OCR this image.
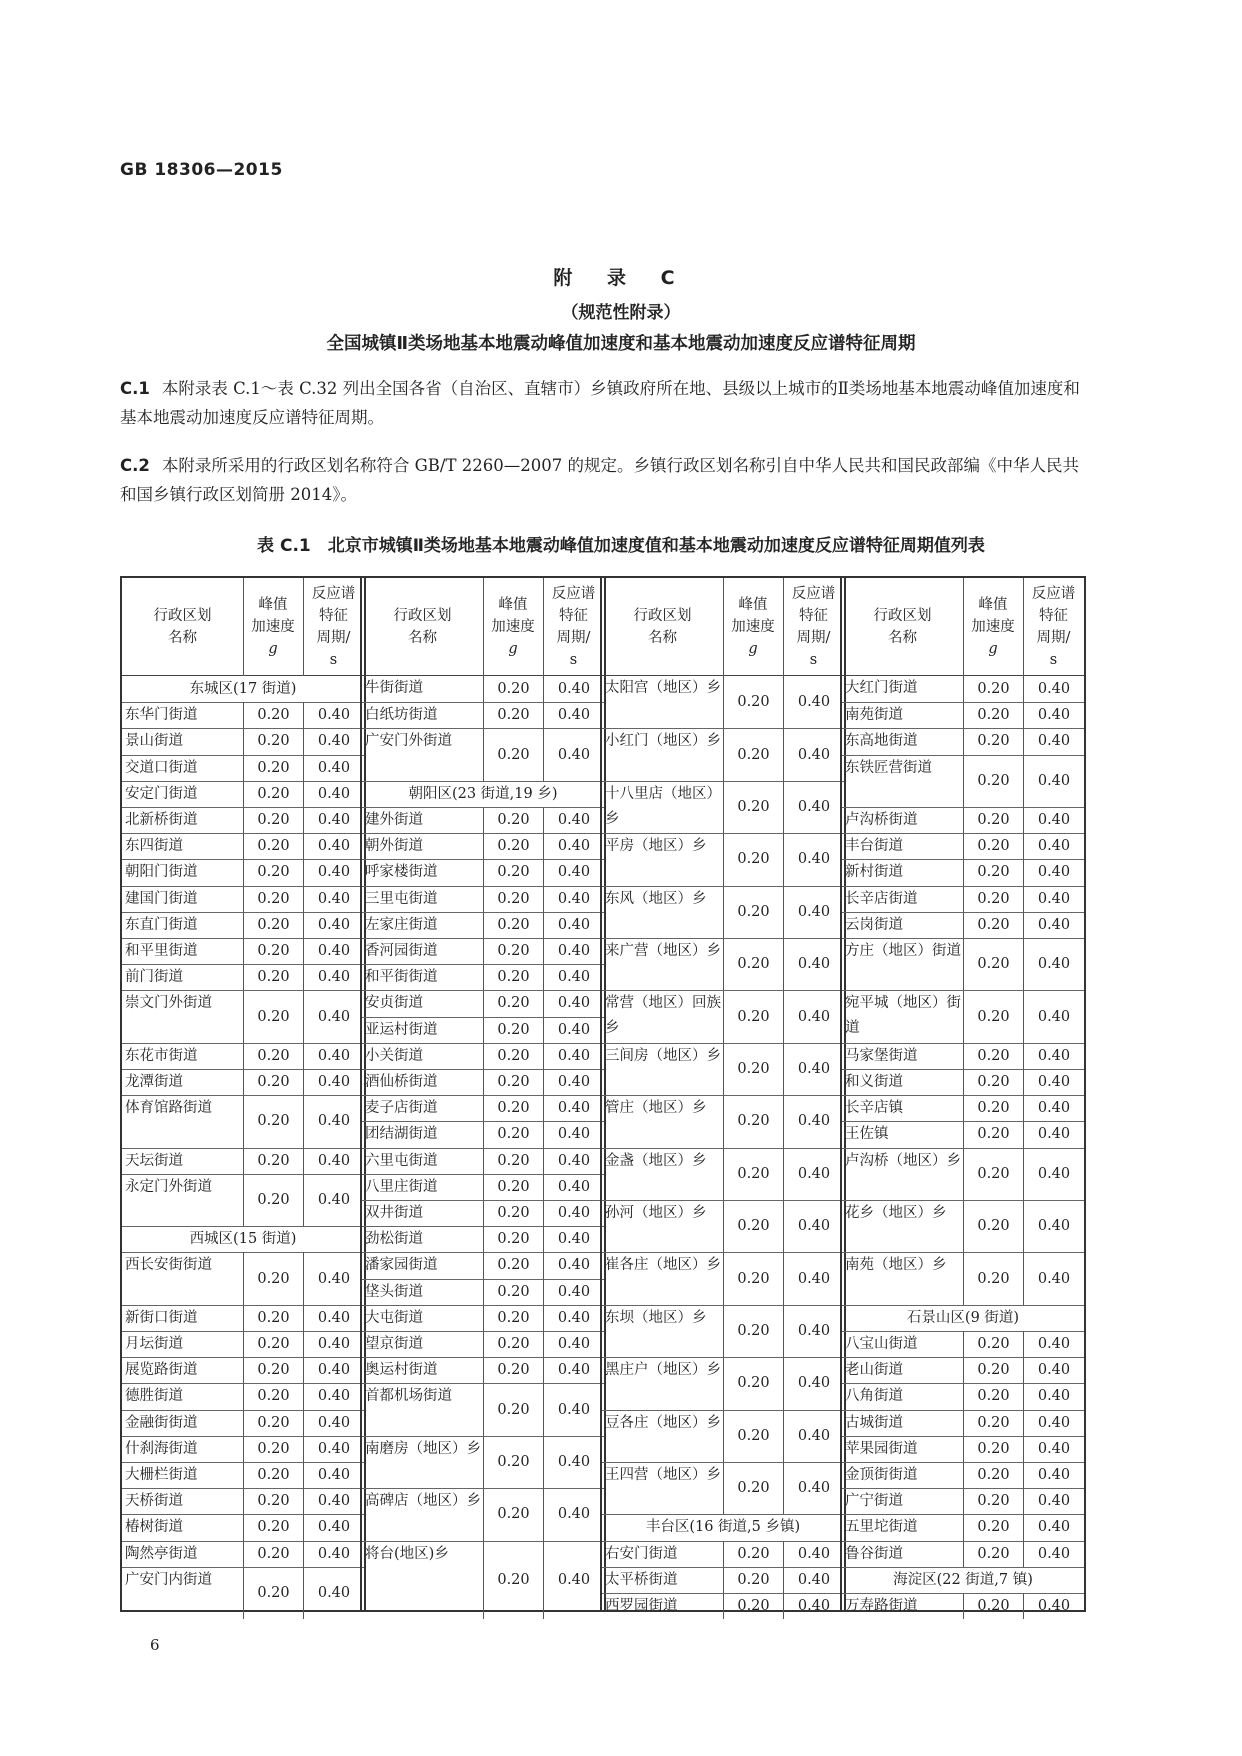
GB 18306—2015
附 录 C
（规范性附录）
全国城镇Ⅱ类场地基本地震动峰值加速度和基本地震动加速度反应谱特征周期
C.1 本附录表 C.1～表 C.32 列出全国各省（自治区、直辖市）乡镇政府所在地、县级以上城市的Ⅱ类场地基本地震动峰值加速度和基本地震动加速度反应谱特征周期。
C.2 本附录所采用的行政区划名称符合 GB/T 2260—2007 的规定。乡镇行政区划名称引自中华人民共和国民政部编《中华人民共和国乡镇行政区划简册 2014》。
表 C.1　北京市城镇Ⅱ类场地基本地震动峰值加速度值和基本地震动加速度反应谱特征周期值列表
行政区划
名称
峰值
加速度
g
反应谱
特征
周期/
s
东城区(17 街道)
东华门街道	0.20	0.40
景山街道	0.20	0.40
交道口街道	0.20	0.40
安定门街道	0.20	0.40
北新桥街道	0.20	0.40
东四街道	0.20	0.40
朝阳门街道	0.20	0.40
建国门街道	0.20	0.40
东直门街道	0.20	0.40
和平里街道	0.20	0.40
前门街道	0.20	0.40
崇文门外街道
0.20	0.40
东花市街道	0.20	0.40
龙潭街道	0.20	0.40
体育馆路街道
0.20	0.40
天坛街道	0.20	0.40
永定门外街道
0.20	0.40
西城区(15 街道)
西长安街街道
0.20	0.40
新街口街道	0.20	0.40
月坛街道	0.20	0.40
展览路街道	0.20	0.40
德胜街道	0.20	0.40
金融街街道	0.20	0.40
什刹海街道	0.20	0.40
大栅栏街道	0.20	0.40
天桥街道	0.20	0.40
椿树街道	0.20	0.40
陶然亭街道	0.20	0.40
广安门内街道
0.20	0.40
行政区划
名称
峰值
加速度
g
反应谱
特征
周期/
s
牛街街道	0.20	0.40
白纸坊街道	0.20	0.40
广安门外街道
0.20	0.40
朝阳区(23 街道,19 乡)
建外街道	0.20	0.40
朝外街道	0.20	0.40
呼家楼街道	0.20	0.40
三里屯街道	0.20	0.40
左家庄街道	0.20	0.40
香河园街道	0.20	0.40
和平街街道	0.20	0.40
安贞街道	0.20	0.40
亚运村街道	0.20	0.40
小关街道	0.20	0.40
酒仙桥街道	0.20	0.40
麦子店街道	0.20	0.40
团结湖街道	0.20	0.40
六里屯街道	0.20	0.40
八里庄街道	0.20	0.40
双井街道	0.20	0.40
劲松街道	0.20	0.40
潘家园街道	0.20	0.40
垡头街道	0.20	0.40
大屯街道	0.20	0.40
望京街道	0.20	0.40
奥运村街道	0.20	0.40
首都机场街道
0.20	0.40
南磨房（地区）乡
0.20	0.40
高碑店（地区）乡
0.20	0.40
将台(地区)乡
0.20	0.40
行政区划
名称
峰值
加速度
g
反应谱
特征
周期/
s
太阳宫（地区）乡
0.20	0.40
小红门（地区）乡
0.20	0.40
十八里店（地区）乡
0.20	0.40
平房（地区）乡
0.20	0.40
东风（地区）乡
0.20	0.40
来广营（地区）乡
0.20	0.40
常营（地区）回族乡
0.20	0.40
三间房（地区）乡
0.20	0.40
管庄（地区）乡
0.20	0.40
金盏（地区）乡
0.20	0.40
孙河（地区）乡
0.20	0.40
崔各庄（地区）乡
0.20	0.40
东坝（地区）乡
0.20	0.40
黑庄户（地区）乡
0.20	0.40
豆各庄（地区）乡
0.20	0.40
王四营（地区）乡
0.20	0.40
丰台区(16 街道,5 乡镇)
右安门街道	0.20	0.40
太平桥街道	0.20	0.40
西罗园街道	0.20	0.40
行政区划
名称
峰值
加速度
g
反应谱
特征
周期/
s
大红门街道	0.20	0.40
南苑街道	0.20	0.40
东高地街道	0.20	0.40
东铁匠营街道
0.20	0.40
卢沟桥街道	0.20	0.40
丰台街道	0.20	0.40
新村街道	0.20	0.40
长辛店街道	0.20	0.40
云岗街道	0.20	0.40
方庄（地区）街道
0.20	0.40
宛平城（地区）街道
0.20	0.40
马家堡街道	0.20	0.40
和义街道	0.20	0.40
长辛店镇	0.20	0.40
王佐镇	0.20	0.40
卢沟桥（地区）乡
0.20	0.40
花乡（地区）乡
0.20	0.40
南苑（地区）乡
0.20	0.40
石景山区(9 街道)
八宝山街道	0.20	0.40
老山街道	0.20	0.40
八角街道	0.20	0.40
古城街道	0.20	0.40
苹果园街道	0.20	0.40
金顶街街道	0.20	0.40
广宁街道	0.20	0.40
五里坨街道	0.20	0.40
鲁谷街道	0.20	0.40
海淀区(22 街道,7 镇)
万寿路街道	0.20	0.40
6
